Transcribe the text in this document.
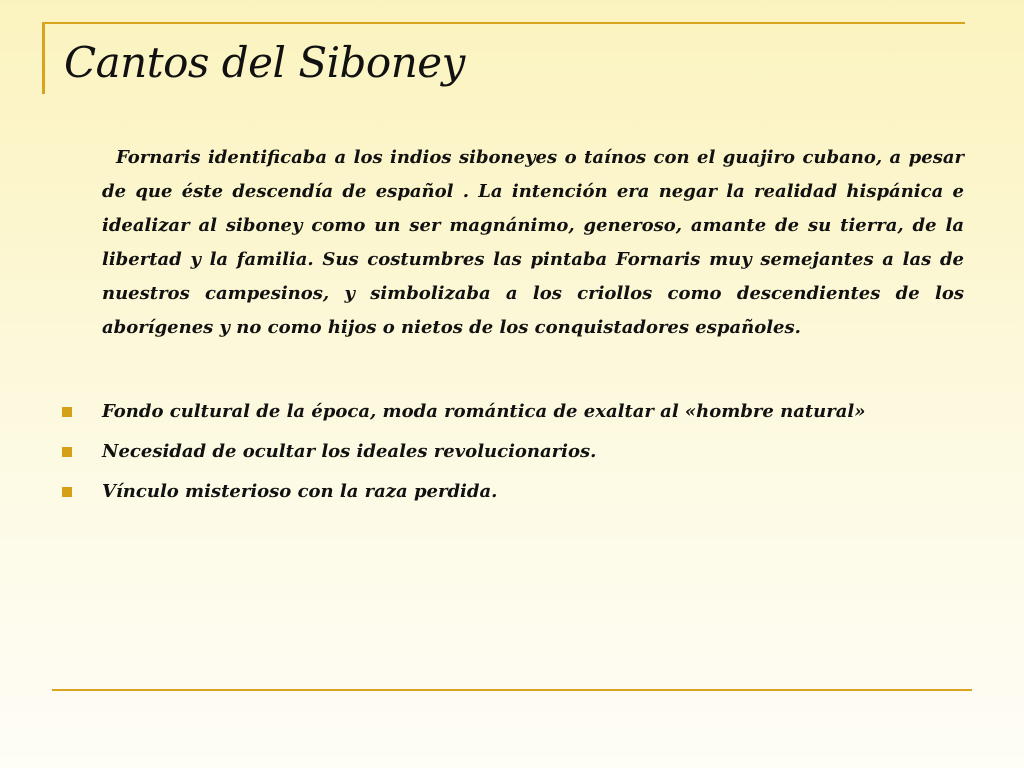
Cantos del Siboney

Fornaris identificaba a los indios siboneyes o taínos con el guajiro cubano, a pesar de que éste descendía de español . La intención era negar la realidad hispánica e idealizar al siboney como un ser magnánimo, generoso, amante de su tierra, de la libertad y la familia. Sus costumbres las pintaba Fornaris muy semejantes a las de nuestros campesinos, y simbolizaba a los criollos como descendientes de los aborígenes y no como hijos o nietos de los conquistadores españoles.

Fondo cultural de la época, moda romántica de exaltar al «hombre natural»
Necesidad de ocultar los ideales revolucionarios.
Vínculo misterioso con la raza perdida.
